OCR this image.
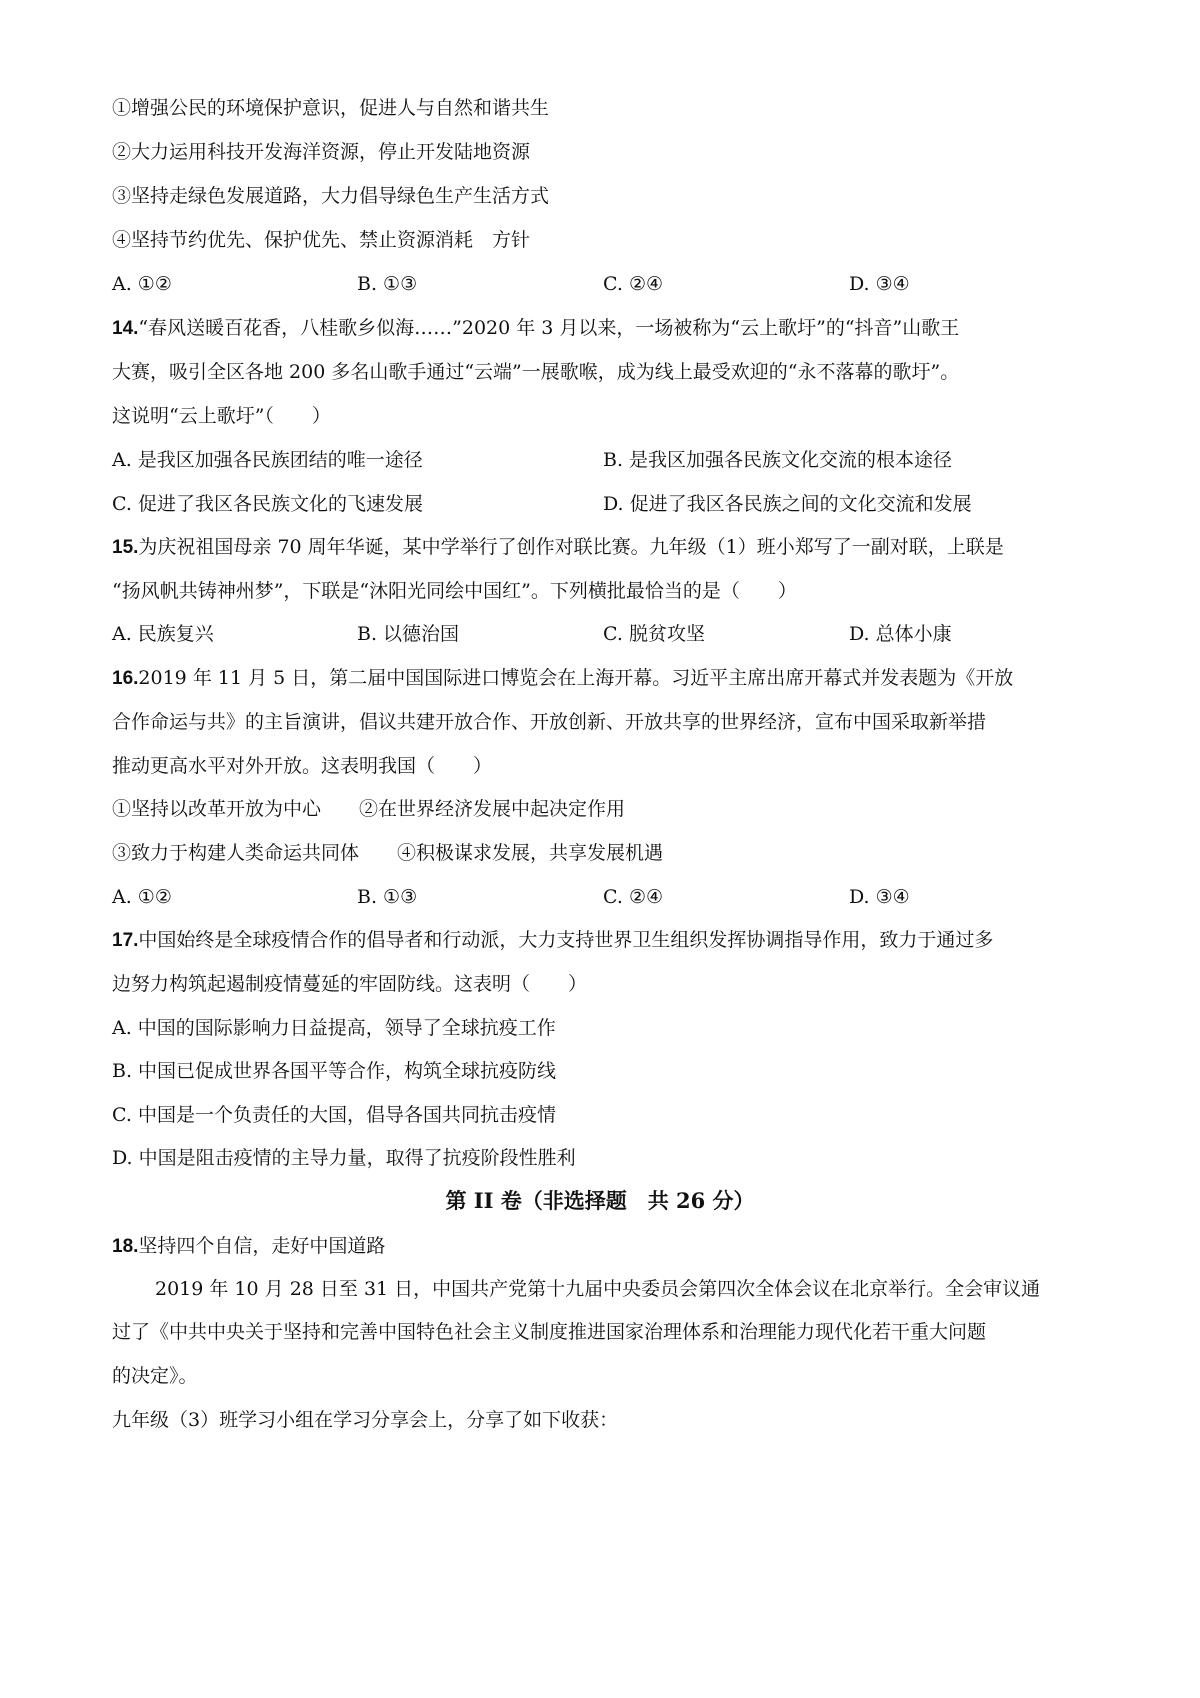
①增强公民的环境保护意识，促进人与自然和谐共生
②大力运用科技开发海洋资源，停止开发陆地资源
③坚持走绿色发展道路，大力倡导绿色生产生活方式
④坚持节约优先、保护优先、禁止资源消耗　方针
A. ①②	B. ①③	C. ②④	D. ③④
14.“春风送暖百花香，八桂歌乡似海……”2020 年 3 月以来，一场被称为“云上歌圩”的“抖音”山歌王
大赛，吸引全区各地 200 多名山歌手通过“云端”一展歌喉，成为线上最受欢迎的“永不落幕的歌圩”。
这说明“云上歌圩”（　　）
A. 是我区加强各民族团结的唯一途径	B. 是我区加强各民族文化交流的根本途径
C. 促进了我区各民族文化的飞速发展	D. 促进了我区各民族之间的文化交流和发展
15.为庆祝祖国母亲 70 周年华诞，某中学举行了创作对联比赛。九年级（1）班小郑写了一副对联，上联是
“扬风帆共铸神州梦”，下联是“沐阳光同绘中国红”。下列横批最恰当的是（　　）
A. 民族复兴	B. 以德治国	C. 脱贫攻坚	D. 总体小康
16.2019 年 11 月 5 日，第二届中国国际进口博览会在上海开幕。习近平主席出席开幕式并发表题为《开放
合作命运与共》的主旨演讲，倡议共建开放合作、开放创新、开放共享的世界经济，宣布中国采取新举措
推动更高水平对外开放。这表明我国（　　）
①坚持以改革开放为中心　　②在世界经济发展中起决定作用
③致力于构建人类命运共同体　　④积极谋求发展，共享发展机遇
A. ①②	B. ①③	C. ②④	D. ③④
17.中国始终是全球疫情合作的倡导者和行动派，大力支持世界卫生组织发挥协调指导作用，致力于通过多
边努力构筑起遏制疫情蔓延的牢固防线。这表明（　　）
A. 中国的国际影响力日益提高，领导了全球抗疫工作
B. 中国已促成世界各国平等合作，构筑全球抗疫防线
C. 中国是一个负责任的大国，倡导各国共同抗击疫情
D. 中国是阻击疫情的主导力量，取得了抗疫阶段性胜利
第 II 卷（非选择题　共 26 分）
18.坚持四个自信，走好中国道路
2019 年 10 月 28 日至 31 日，中国共产党第十九届中央委员会第四次全体会议在北京举行。全会审议通
过了《中共中央关于坚持和完善中国特色社会主义制度推进国家治理体系和治理能力现代化若干重大问题
的决定》。
九年级（3）班学习小组在学习分享会上，分享了如下收获：
